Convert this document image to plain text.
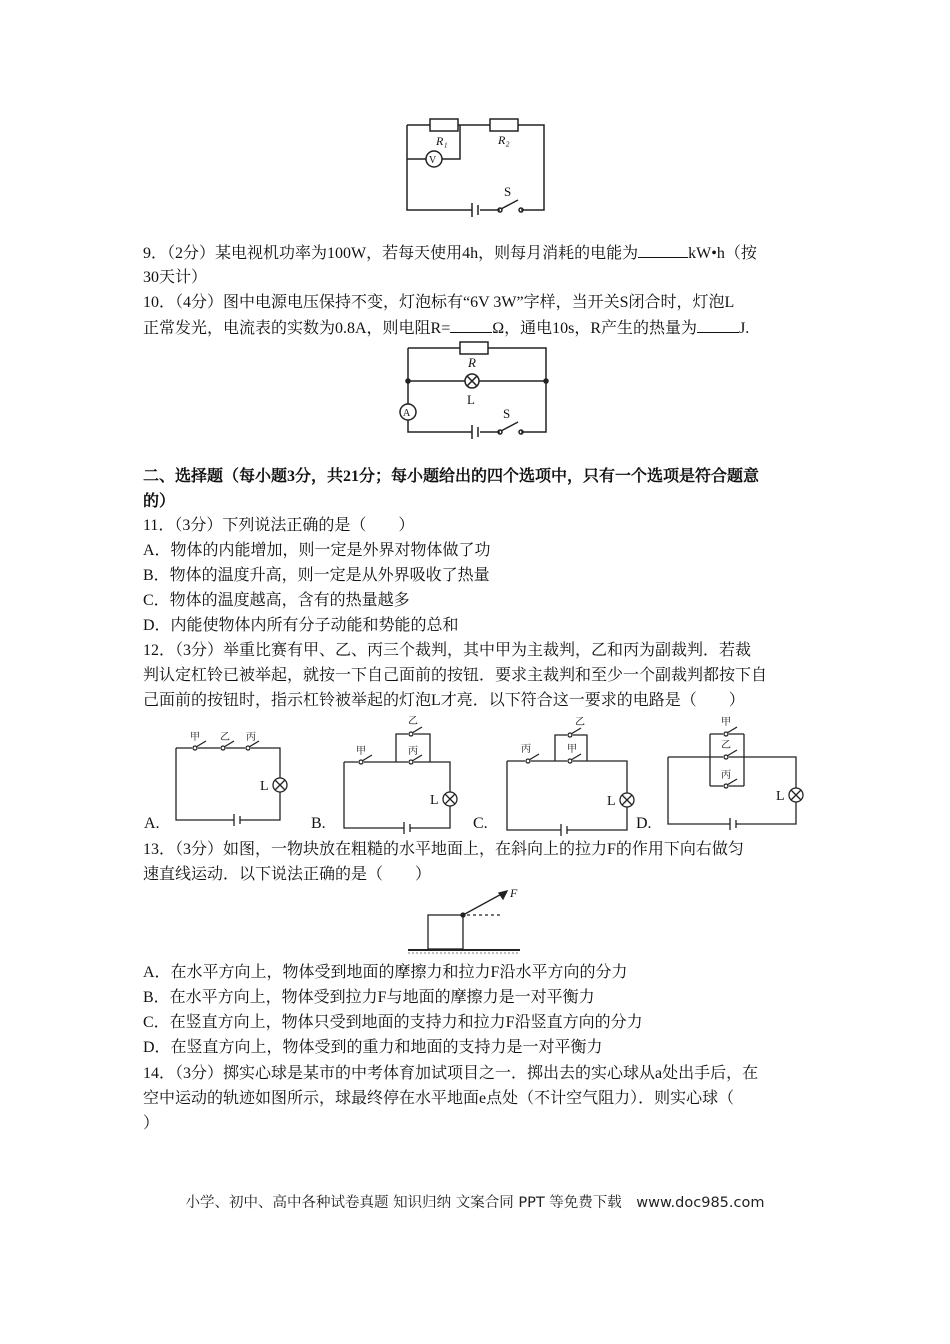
R₁	R₂
V
S
9．（2分）某电视机功率为100W，若每天使用4h，则每月消耗的电能为	kW•h（按
30天计）
10．（4分）图中电源电压保持不变，灯泡标有“6V 3W”字样，当开关S闭合时，灯泡L
正常发光，电流表的实数为0.8A，则电阻R=	Ω，通电10s，R产生的热量为	J.
R
L
A	S
二、选择题（每小题3分，共21分；每小题给出的四个选项中，只有一个选项是符合题意
的）
11．（3分）下列说法正确的是（　　）
A．物体的内能增加，则一定是外界对物体做了功
B．物体的温度升高，则一定是从外界吸收了热量
C．物体的温度越高，含有的热量越多
D．内能使物体内所有分子动能和势能的总和
12．（3分）举重比赛有甲、乙、丙三个裁判，其中甲为主裁判，乙和丙为副裁判．若裁
判认定杠铃已被举起，就按一下自己面前的按钮．要求主裁判和至少一个副裁判都按下自
己面前的按钮时，指示杠铃被举起的灯泡L才亮．以下符合这一要求的电路是（　　）
甲 乙 丙
L
甲
乙
丙
L
丙
乙
甲
L
甲
乙
丙
L
A.	B.	C.	D.
13．（3分）如图，一物块放在粗糙的水平地面上，在斜向上的拉力F的作用下向右做匀
速直线运动．以下说法正确的是（　　）
F
A．在水平方向上，物体受到地面的摩擦力和拉力F沿水平方向的分力
B．在水平方向上，物体受到拉力F与地面的摩擦力是一对平衡力
C．在竖直方向上，物体只受到地面的支持力和拉力F沿竖直方向的分力
D．在竖直方向上，物体受到的重力和地面的支持力是一对平衡力
14．（3分）掷实心球是某市的中考体育加试项目之一．掷出去的实心球从a处出手后，在
空中运动的轨迹如图所示，球最终停在水平地面e点处（不计空气阻力）．则实心球（
）
小学、初中、高中各种试卷真题 知识归纳 文案合同 PPT 等免费下载　www.doc985.com
